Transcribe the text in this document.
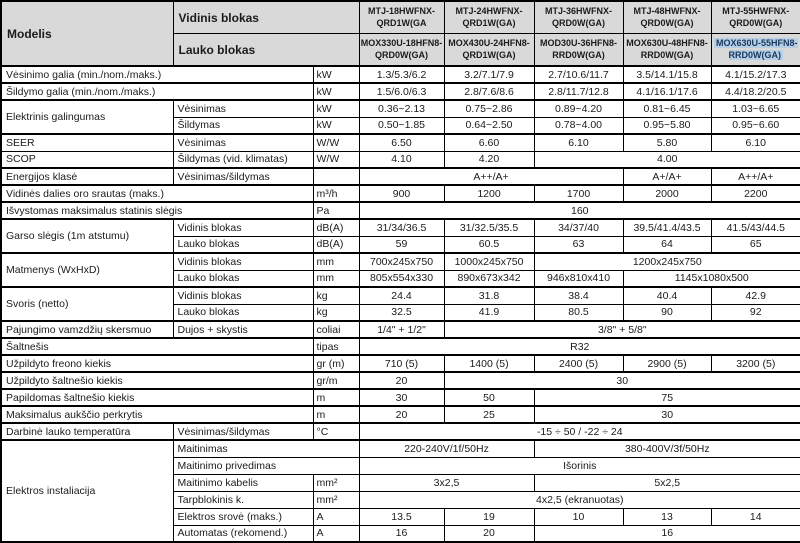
Modelis	Vidinis blokas		MTJ-18HWFNX-QRD1W(GA	MTJ-24HWFNX-QRD1W(GA)	MTJ-36HWFNX-QRD0W(GA)	MTJ-48HWFNX-QRD0W(GA)	MTJ-55HWFNX-QRD0W(GA)
	Lauko blokas		MOX330U-18HFN8-QRD0W(GA)	MOX430U-24HFN8-QRD1W(GA)	MOD30U-36HFN8-RRD0W(GA)	MOX630U-48HFN8-RRD0W(GA)	MOX630U-55HFN8-RRD0W(GA)
Vėsinimo galia (min./nom./maks.)		kW	1.3/5.3/6.2	3.2/7.1/7.9	2.7/10.6/11.7	3.5/14.1/15.8	4.1/15.2/17.3
Šildymo galia (min./nom./maks.)		kW	1.5/6.0/6.3	2.8/7.6/8.6	2.8/11.7/12.8	4.1/16.1/17.6	4.4/18.2/20.5
Elektrinis galingumas	Vėsinimas	kW	0.36~2.13	0.75~2.86	0.89~4.20	0.81~6.45	1.03~6.65
	Šildymas	kW	0.50~1.85	0.64~2.50	0.78~4.00	0.95~5.80	0.95~6.60
SEER	Vėsinimas	W/W	6.50	6.60	6.10	5.80	6.10
SCOP	Šildymas (vid. klimatas)	W/W	4.10	4.20	4.00		
Energijos klasė	Vėsinimas/šildymas		A++/A+			A+/A+	A++/A+
Vidinės dalies oro srautas (maks.)		m³/h	900	1200	1700	2000	2200
Išvystomas maksimalus statinis slėgis		Pa	160				
Garso slėgis (1m atstumu)	Vidinis blokas	dB(A)	31/34/36.5	31/32.5/35.5	34/37/40	39.5/41.4/43.5	41.5/43/44.5
	Lauko blokas	dB(A)	59	60.5	63	64	65
Matmenys (WxHxD)	Vidinis blokas	mm	700x245x750	1000x245x750	1200x245x750		
	Lauko blokas	mm	805x554x330	890x673x342	946x810x410	1145x1080x500	
Svoris (netto)	Vidinis blokas	kg	24.4	31.8	38.4	40.4	42.9
	Lauko blokas	kg	32.5	41.9	80.5	90	92
Pajungimo vamzdžių skersmuo	Dujos + skystis	coliai	1/4" + 1/2"	3/8" + 5/8"			
Šaltnešis		tipas	R32				
Užpildyto freono kiekis		gr (m)	710 (5)	1400 (5)	2400 (5)	2900 (5)	3200 (5)
Užpildyto šaltnešio kiekis		gr/m	20	30			
Papildomas šaltnešio kiekis		m	30	50	75		
Maksimalus aukščio perkrytis		m	20	25	30		
Darbinė lauko temperatūra	Vėsinimas/šildymas	°C	-15 ÷ 50 / -22 ÷ 24				
Elektros instaliacija	Maitinimas		220-240V/1f/50Hz		380-400V/3f/50Hz		
	Maitinimo privedimas		Išorinis				
	Maitinimo kabelis	mm²	3x2,5		5x2,5		
	Tarpblokinis k.	mm²	4x2,5 (ekranuotas)				
	Elektros srovė (maks.)	A	13.5	19	10	13	14
	Automatas (rekomend.)	A	16	20	16		
